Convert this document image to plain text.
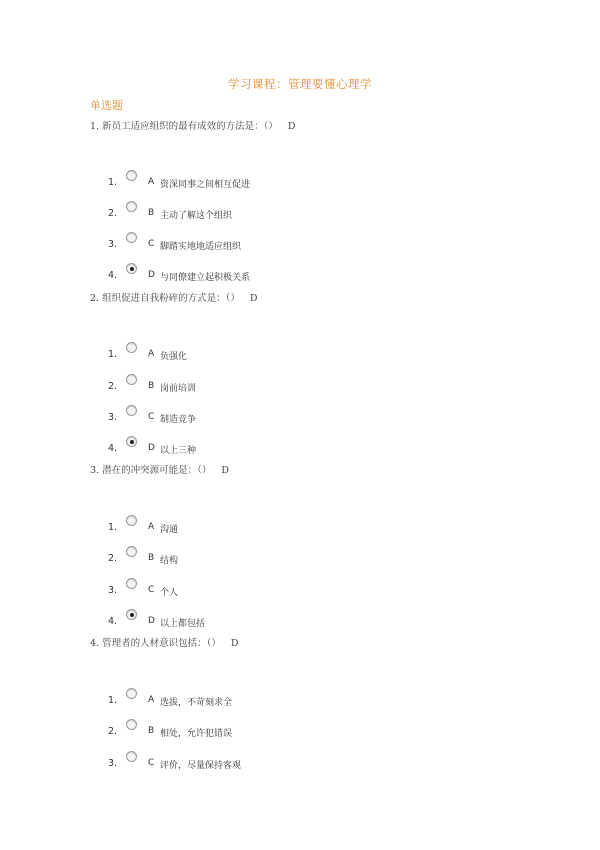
学习课程：管理要懂心理学
单选题
1. 新员工适应组织的最有成效的方法是：（） D
1.	A 资深同事之间相互促进
2.	B 主动了解这个组织
3.	C 脚踏实地地适应组织
4.	D 与同僚建立起积极关系
2. 组织促进自我粉碎的方式是：（） D
1.	A 负强化
2.	B 岗前培训
3.	C 制造竞争
4.	D 以上三种
3. 潜在的冲突源可能是：（） D
1.	A 沟通
2.	B 结构
3.	C 个人
4.	D 以上都包括
4. 管理者的人材意识包括：（） D
1.	A 选拔，不苛刻求全
2.	B 相处，允许犯错误
3.	C 评价，尽量保持客观
